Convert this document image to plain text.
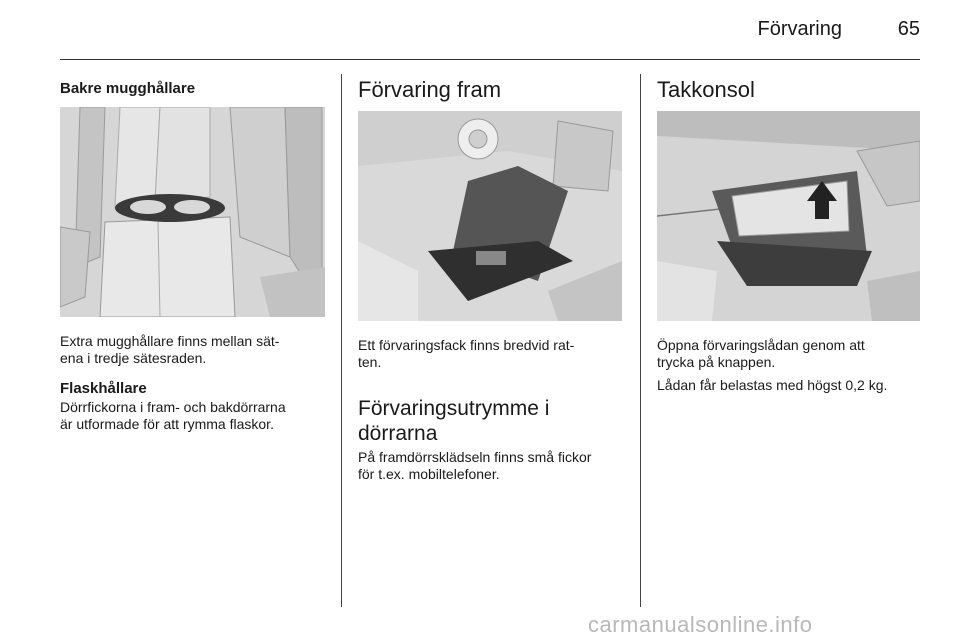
Förvaring	65
Bakre mugghållare

Extra mugghållare finns mellan sät-

ena i tredje sätesraden.

Flaskhållare

Dörrfickorna i fram- och bakdörrarna

är utformade för att rymma flaskor.

Förvaring fram

Ett förvaringsfack finns bredvid rat-

ten.

Förvaringsutrymme i
dörrarna

På framdörrsklädseln finns små fickor

för t.ex. mobiltelefoner.

Takkonsol

Öppna förvaringslådan genom att

trycka på knappen.

Lådan får belastas med högst 0,2 kg.

carmanualsonline.info
